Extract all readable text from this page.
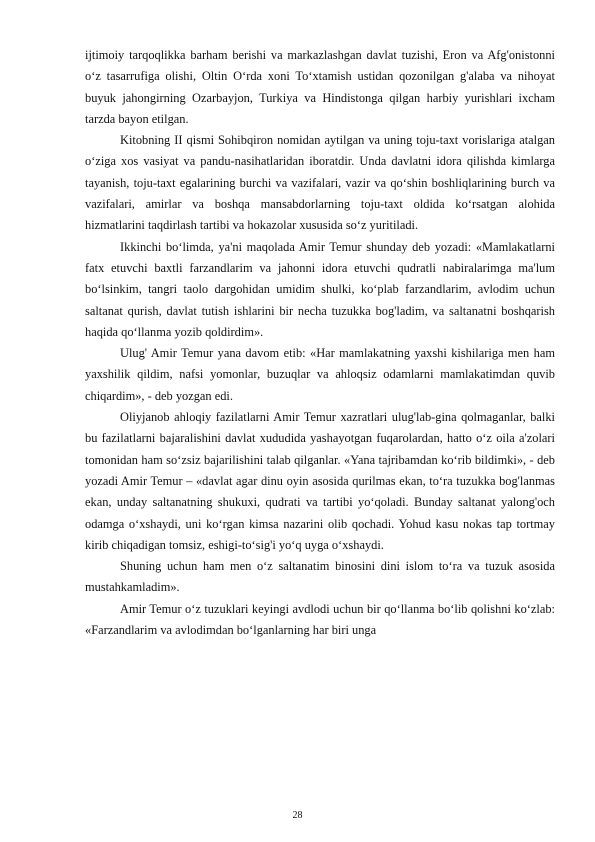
ijtimoiy tarqoqlikka barham berishi va markazlashgan davlat tuzishi, Eron va Afg'onistonni o‘z tasarrufiga olishi, Oltin O‘rda xoni To‘xtamish ustidan qozonilgan g'alaba va nihoyat buyuk jahongirning Ozarbayjon, Turkiya va Hindistonga qilgan harbiy yurishlari ixcham tarzda bayon etilgan.

Kitobning II qismi Sohibqiron nomidan aytilgan va uning toju-taxt vorislariga atalgan o‘ziga xos vasiyat va pandu-nasihatlaridan iboratdir. Unda davlatni idora qilishda kimlarga tayanish, toju-taxt egalarining burchi va vazifalari, vazir va qo‘shin boshliqlarining burch va vazifalari, amirlar va boshqa mansabdorlarning toju-taxt oldida ko‘rsatgan alohida hizmatlarini taqdirlash tartibi va hokazolar xususida so‘z yuritiladi.

Ikkinchi bo‘limda, ya'ni maqolada Amir Temur shunday deb yozadi: «Mamlakatlarni fatx etuvchi baxtli farzandlarim va jahonni idora etuvchi qudratli nabiralarimga ma'lum bo‘lsinkim, tangri taolo dargohidan umidim shulki, ko‘plab farzandlarim, avlodim uchun saltanat qurish, davlat tutish ishlarini bir necha tuzukka bog'ladim, va saltanatni boshqarish haqida qo‘llanma yozib qoldirdim».

Ulug' Amir Temur yana davom etib: «Har mamlakatning yaxshi kishilariga men ham yaxshilik qildim, nafsi yomonlar, buzuqlar va ahloqsiz odamlarni mamlakatimdan quvib chiqardim», - deb yozgan edi.

Oliyjanob ahloqiy fazilatlarni Amir Temur xazratlari ulug'lab-gina qolmaganlar, balki bu fazilatlarni bajaralishini davlat xududida yashayotgan fuqarolardan, hatto o‘z oila a'zolari tomonidan ham so‘zsiz bajarilishini talab qilganlar. «Yana tajribamdan ko‘rib bildimki», - deb yozadi Amir Temur – «davlat agar dinu oyin asosida qurilmas ekan, to‘ra tuzukka bog'lanmas ekan, unday saltanatning shukuxi, qudrati va tartibi yo‘qoladi. Bunday saltanat yalong'och odamga o‘xshaydi, uni ko‘rgan kimsa nazarini olib qochadi. Yohud kasu nokas tap tortmay kirib chiqadigan tomsiz, eshigi-to‘sig'i yo‘q uyga o‘xshaydi.

Shuning uchun ham men o‘z saltanatim binosini dini islom to‘ra va tuzuk asosida mustahkamladim».

Amir Temur o‘z tuzuklari keyingi avdlodi uchun bir qo‘llanma bo‘lib qolishni ko‘zlab: «Farzandlarim va avlodimdan bo‘lganlarning har biri unga

28
